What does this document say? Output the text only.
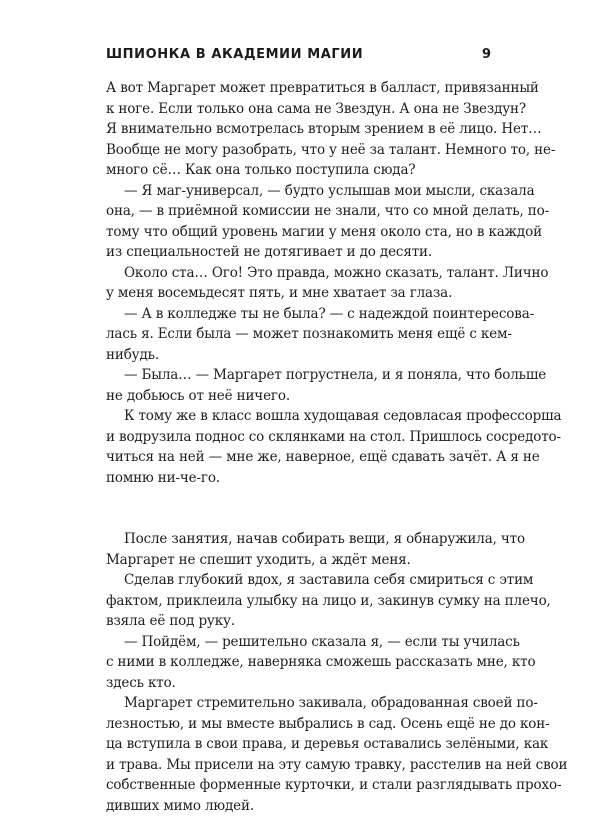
ШПИОНКА В АКАДЕМИИ МАГИИ	9
А вот Маргарет может превратиться в балласт, привязанный
к ноге. Если только она сама не Звездун. А она не Звездун?
Я внимательно всмотрелась вторым зрением в её лицо. Нет…
Вообще не могу разобрать, что у неё за талант. Немного то, не-
много сё… Как она только поступила сюда?
— Я маг-универсал, — будто услышав мои мысли, сказала
она, — в приёмной комиссии не знали, что со мной делать, по-
тому что общий уровень магии у меня около ста, но в каждой
из специальностей не дотягивает и до десяти.
Около ста… Ого! Это правда, можно сказать, талант. Лично
у меня восемьдесят пять, и мне хватает за глаза.
— А в колледже ты не была? — с надеждой поинтересова-
лась я. Если была — может познакомить меня ещё с кем-
нибудь.
— Была… — Маргарет погрустнела, и я поняла, что больше
не добьюсь от неё ничего.
К тому же в класс вошла худощавая седовласая профессорша
и водрузила поднос со склянками на стол. Пришлось сосредото-
читься на ней — мне же, наверное, ещё сдавать зачёт. А я не
помню ни-че-го.
После занятия, начав собирать вещи, я обнаружила, что
Маргарет не спешит уходить, а ждёт меня.
Сделав глубокий вдох, я заставила себя смириться с этим
фактом, приклеила улыбку на лицо и, закинув сумку на плечо,
взяла её под руку.
— Пойдём, — решительно сказала я, — если ты училась
с ними в колледже, наверняка сможешь рассказать мне, кто
здесь кто.
Маргарет стремительно закивала, обрадованная своей по-
лезностью, и мы вместе выбрались в сад. Осень ещё не до кон-
ца вступила в свои права, и деревья оставались зелёными, как
и трава. Мы присели на эту самую травку, расстелив на ней свои
собственные форменные курточки, и стали разглядывать прохо-
дивших мимо людей.
